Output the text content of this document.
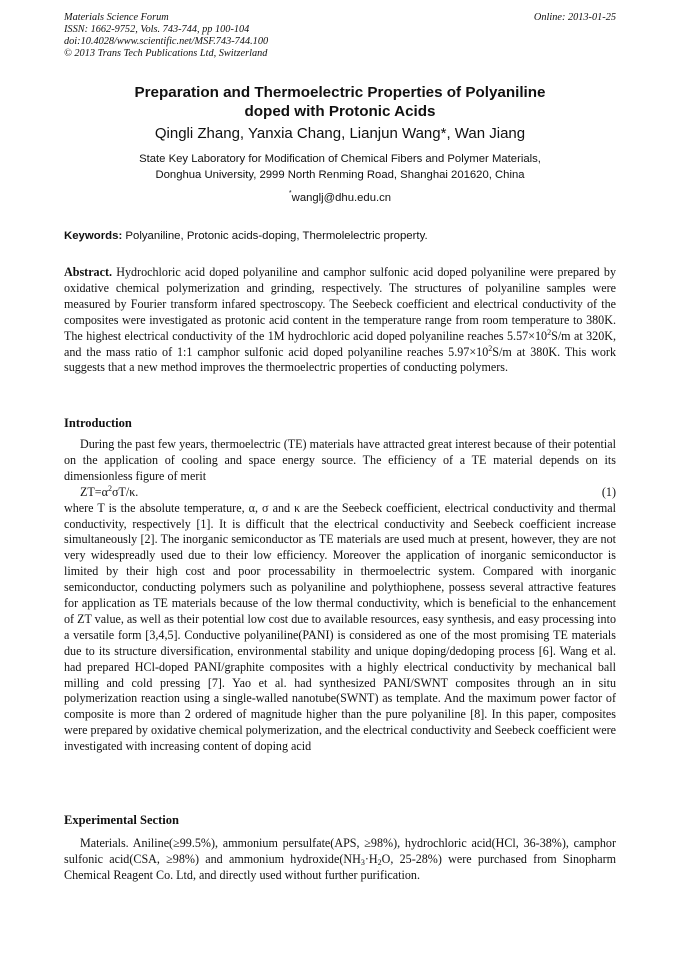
Materials Science Forum
ISSN: 1662-9752, Vols. 743-744, pp 100-104
doi:10.4028/www.scientific.net/MSF.743-744.100
© 2013 Trans Tech Publications Ltd, Switzerland
Online: 2013-01-25
Preparation and Thermoelectric Properties of Polyaniline
doped with Protonic Acids
Qingli Zhang, Yanxia Chang, Lianjun Wang*, Wan Jiang
State Key Laboratory for Modification of Chemical Fibers and Polymer Materials,
Donghua University, 2999 North Renming Road, Shanghai 201620, China
*wanglj@dhu.edu.cn
Keywords: Polyaniline, Protonic acids-doping, Thermolelectric property.
Abstract. Hydrochloric acid doped polyaniline and camphor sulfonic acid doped polyaniline were prepared by oxidative chemical polymerization and grinding, respectively. The structures of polyaniline samples were measured by Fourier transform infared spectroscopy. The Seebeck coefficient and electrical conductivity of the composites were investigated as protonic acid content in the temperature range from room temperature to 380K. The highest electrical conductivity of the 1M hydrochloric acid doped polyaniline reaches $5.57\times 10^2S/m$ at 320K, and the mass ratio of 1:1 camphor sulfonic acid doped polyaniline reaches $5.97\times 10^2S/m$ at 380K. This work suggests that a new method improves the thermoelectric properties of conducting polymers.
Introduction

During the past few years, thermoelectric (TE) materials have attracted great interest because of their potential on the application of cooling and space energy source. The efficiency of a TE material depends on its dimensionless figure of merit

$ZT=\alpha^2\sigma T/\kappa$.	(1)

where T is the absolute temperature, α, σ and κ are the Seebeck coefficient, electrical conductivity and thermal conductivity, respectively [1]. It is difficult that the electrical conductivity and Seebeck coefficient increase simultaneously [2]. The inorganic semiconductor as TE materials are used much at present, however, they are not very widespreadly used due to their low efficiency. Moreover the application of inorganic semiconductor is limited by their high cost and poor processability in thermoelectric system. Compared with inorganic semiconductor, conducting polymers such as polyaniline and polythiophene, possess several attractive features for application as TE materials because of the low thermal conductivity, which is beneficial to the enhancement of ZT value, as well as their potential low cost due to available resources, easy synthesis, and easy processing into a versatile form [3,4,5]. Conductive polyaniline(PANI) is considered as one of the most promising TE materials due to its structure diversification, environmental stability and unique doping/dedoping process [6]. Wang et al. had prepared HCl-doped PANI/graphite composites with a highly electrical conductivity by mechanical ball milling and cold pressing [7]. Yao et al. had synthesized PANI/SWNT composites through an in situ polymerization reaction using a single-walled nanotube(SWNT) as template. And the maximum power factor of composite is more than 2 ordered of magnitude higher than the pure polyaniline [8]. In this paper, composites were prepared by oxidative chemical polymerization, and the electrical conductivity and Seebeck coefficient were investigated with increasing content of doping acid

Experimental Section

Materials. Aniline(≥99.5%), ammonium persulfate(APS, ≥98%), hydrochloric acid(HCl, 36-38%), camphor sulfonic acid(CSA, ≥98%) and ammonium $hydroxide(NH_3\cdot H_2O$, 25-28%) were purchased from Sinopharm Chemical Reagent Co. Ltd, and directly used without further purification.
